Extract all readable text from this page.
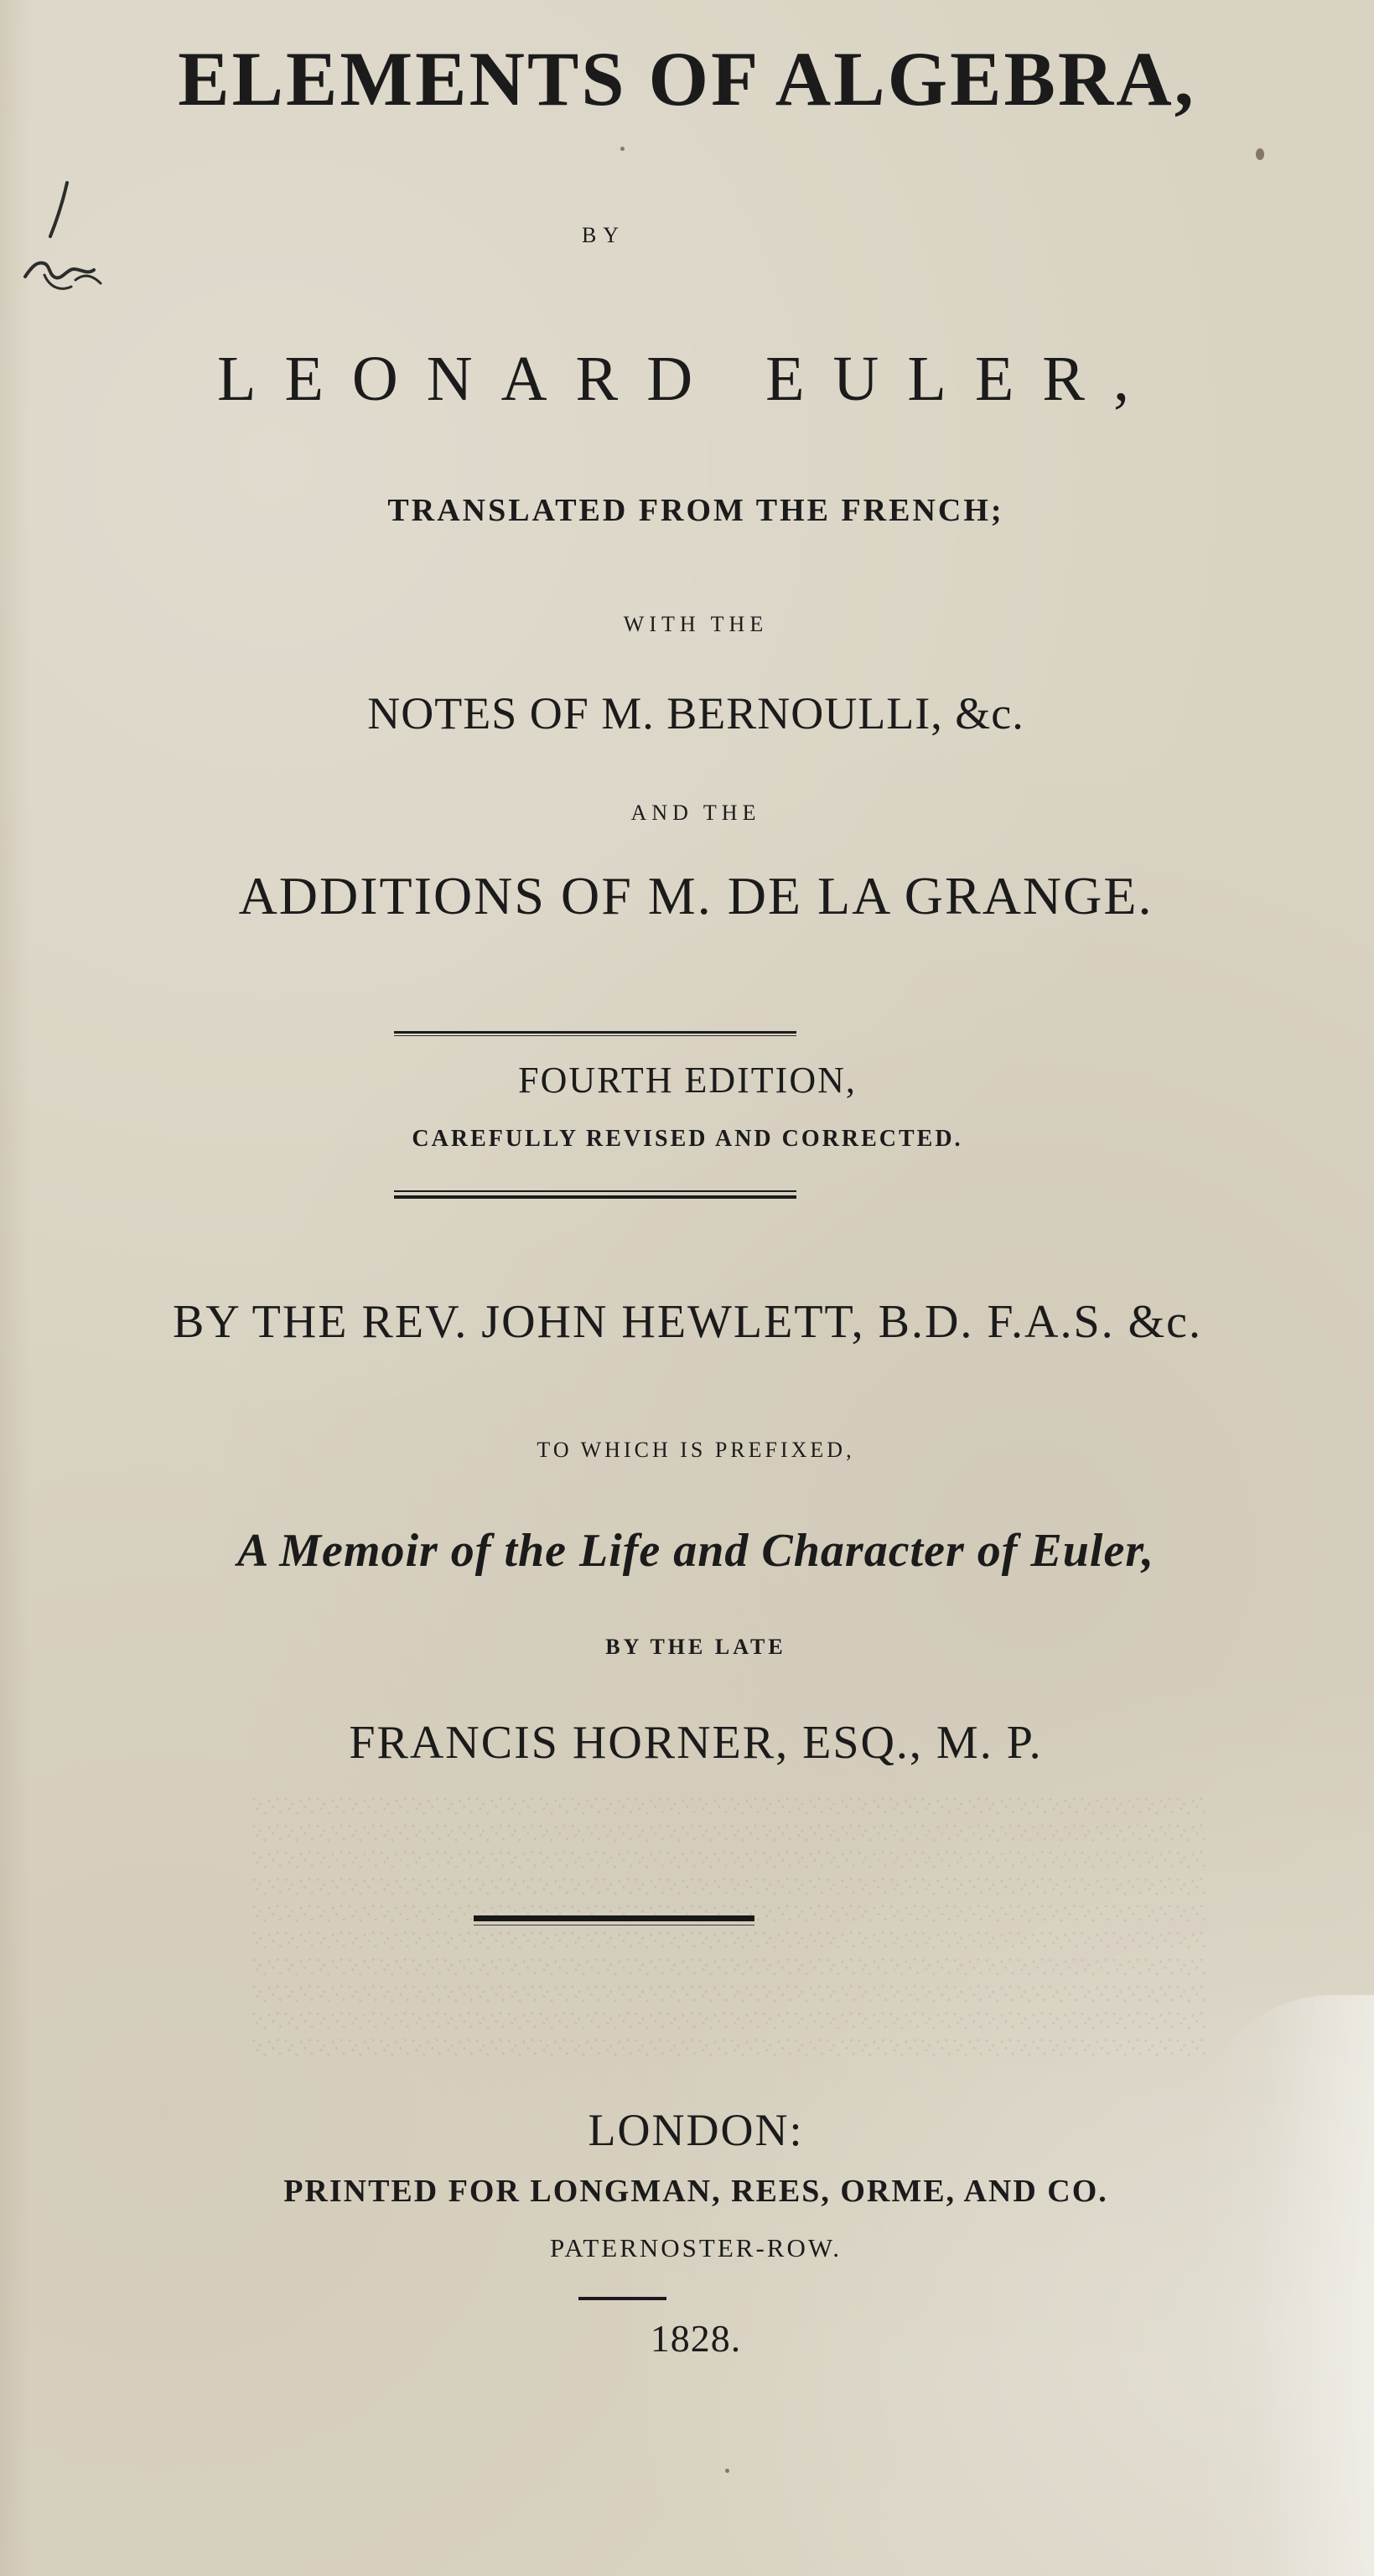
ELEMENTS OF ALGEBRA,
BY
LEONARD EULER,
TRANSLATED FROM THE FRENCH;
WITH THE
NOTES OF M. BERNOULLI, &c.
AND THE
ADDITIONS OF M. DE LA GRANGE.
FOURTH EDITION,
CAREFULLY REVISED AND CORRECTED.
BY THE REV. JOHN HEWLETT, B.D. F.A.S. &c.
TO WHICH IS PREFIXED,
A Memoir of the Life and Character of Euler,
BY THE LATE
FRANCIS HORNER, ESQ., M. P.
LONDON:
PRINTED FOR LONGMAN, REES, ORME, AND CO.
PATERNOSTER-ROW.
1828.
